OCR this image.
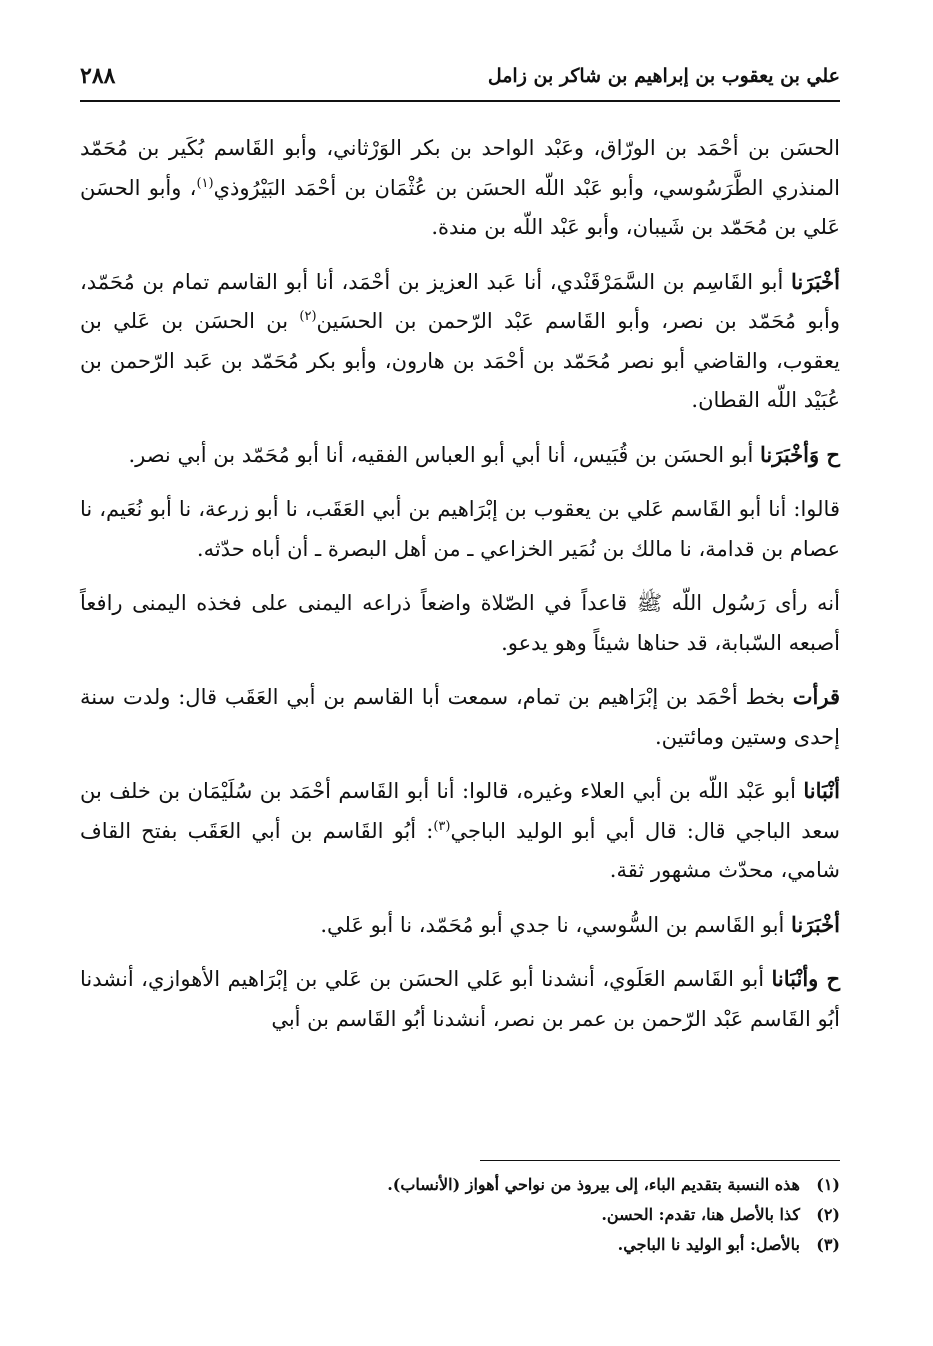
علي بن يعقوب بن إبراهيم بن شاكر بن زامل
٢٨٨

الحسَن بن أحْمَد بن الورّاق، وعَبْد الواحد بن بكر الوَرْثاني، وأبو القَاسم بُكَير بن مُحَمّد المنذري الطَّرَسُوسي، وأبو عَبْد اللّه الحسَن بن عُثْمَان بن أحْمَد البَيْرُوذي$^{(١)}$، وأبو الحسَن عَلي بن مُحَمّد بن شَيبان، وأبو عَبْد اللّه بن مندة.

أخْبَرَنا أبو القَاسِم بن السَّمَرْقَنْدي، أنا عَبد العزيز بن أحْمَد، أنا أبو القاسم تمام بن مُحَمّد، وأبو مُحَمّد بن نصر، وأبو القَاسم عَبْد الرّحمن بن الحسَين$^{(٢)}$ بن الحسَن بن عَلي بن يعقوب، والقاضي أبو نصر مُحَمّد بن أحْمَد بن هارون، وأبو بكر مُحَمّد بن عَبد الرّحمن بن عُبَيْد اللّه القطان.

ح وَأخْبَرَنا أبو الحسَن بن قُبَيس، أنا أبي أبو العباس الفقيه، أنا أبو مُحَمّد بن أبي نصر.

قالوا: أنا أبو القَاسم عَلي بن يعقوب بن إبْرَاهيم بن أبي العَقَب، نا أبو زرعة، نا أبو نُعَيم، نا عصام بن قدامة، نا مالك بن نُمَير الخزاعي ـ من أهل البصرة ـ أن أباه حدّثه.

أنه رأى رَسُول اللّه ﷺ قاعداً في الصّلاة واضعاً ذراعه اليمنى على فخذه اليمنى رافعاً أصبعه السّبابة، قد حناها شيئاً وهو يدعو.

قرأت بخط أحْمَد بن إبْرَاهيم بن تمام، سمعت أبا القاسم بن أبي العَقَب قال: ولدت سنة إحدى وستين ومائتين.

أنْبَانا أبو عَبْد اللّه بن أبي العلاء وغيره، قالوا: أنا أبو القَاسم أحْمَد بن سُلَيْمَان بن خلف بن سعد الباجي قال: قال أبي أبو الوليد الباجي$^{(٣)}$: أبُو القَاسم بن أبي العَقَب بفتح القاف شامي، محدّث مشهور ثقة.

أخْبَرَنا أبو القَاسم بن السُّوسي، نا جدي أبو مُحَمّد، نا أبو عَلي.

ح وأنْبَانا أبو القَاسم العَلَوي، أنشدنا أبو عَلي الحسَن بن عَلي بن إبْرَاهيم الأهوازي، أنشدنا أبُو القَاسم عَبْد الرّحمن بن عمر بن نصر، أنشدنا أبُو القَاسم بن أبي

(١)
هذه النسبة بتقديم الباء، إلى بيروذ من نواحي أهواز (الأنساب).
(٢)
كذا بالأصل هنا، تقدم: الحسن.
(٣)
بالأصل: أبو الوليد نا الباجي.
